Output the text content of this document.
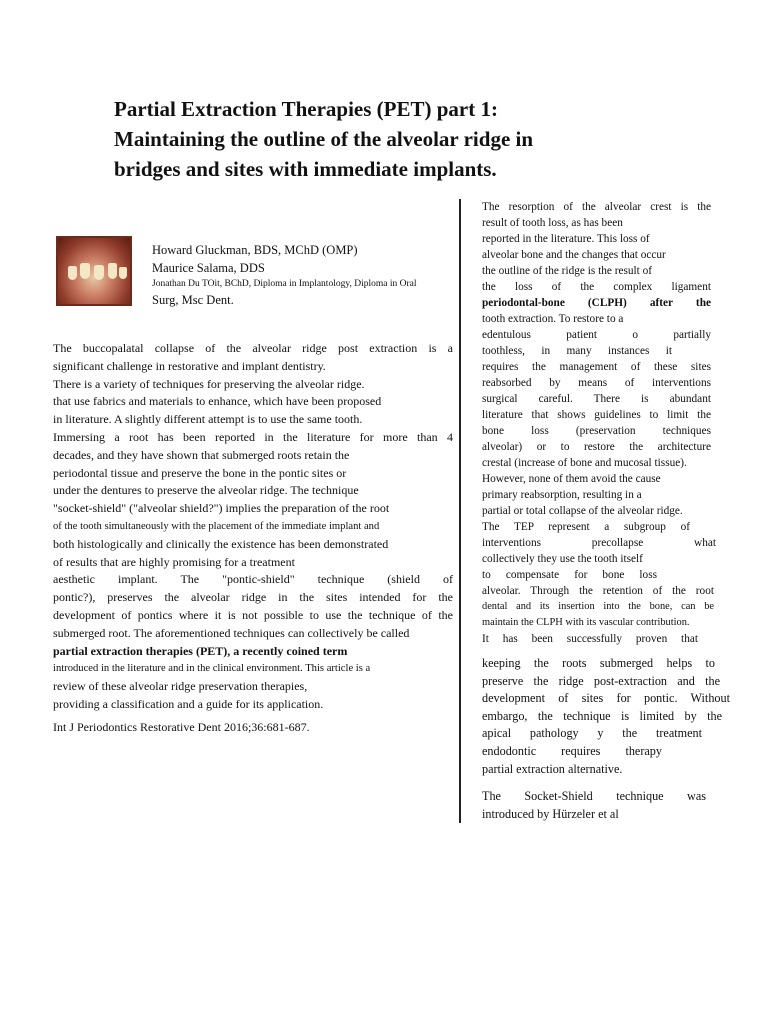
Partial Extraction Therapies (PET) part 1:
Maintaining the outline of the alveolar ridge in
bridges and sites with immediate implants.
Howard Gluckman, BDS, MChD (OMP)
Maurice Salama, DDS
Jonathan Du TOit, BChD, Diploma in Implantology, Diploma in Oral
Surg, Msc Dent.
The buccopalatal collapse of the alveolar ridge post extraction is a
significant challenge in restorative and implant dentistry.
There is a variety of techniques for preserving the alveolar ridge.
that use fabrics and materials to enhance, which have been proposed
in literature. A slightly different attempt is to use the same tooth.
Immersing a root has been reported in the literature for more than 4
decades, and they have shown that submerged roots retain the
periodontal tissue and preserve the bone in the pontic sites or
under the dentures to preserve the alveolar ridge. The technique
"socket-shield" ("alveolar shield?") implies the preparation of the root
of the tooth simultaneously with the placement of the immediate implant and
both histologically and clinically the existence has been demonstrated
of results that are highly promising for a treatment
aesthetic implant. The "pontic-shield" technique (shield of
pontic?), preserves the alveolar ridge in the sites intended for the
development of pontics where it is not possible to use the technique of the
submerged root. The aforementioned techniques can collectively be called
partial extraction therapies (PET), a recently coined term
introduced in the literature and in the clinical environment. This article is a
review of these alveolar ridge preservation therapies,
providing a classification and a guide for its application.
Int J Periodontics Restorative Dent 2016;36:681-687.
The resorption of the alveolar crest is the
result of tooth loss, as has been
reported in the literature. This loss of
alveolar bone and the changes that occur
the outline of the ridge is the result of
the loss of the complex ligament
periodontal-bone (CLPH) after the
tooth extraction. To restore to a
edentulous patient o partially
toothless, in many instances it
requires the management of these sites
reabsorbed by means of interventions
surgical careful. There is abundant
literature that shows guidelines to limit the
bone loss (preservation techniques
alveolar) or to restore the architecture
crestal (increase of bone and mucosal tissue).
However, none of them avoid the cause
primary reabsorption, resulting in a
partial or total collapse of the alveolar ridge.
The TEP represent a subgroup of
interventions precollapse what
collectively they use the tooth itself
to compensate for bone loss
alveolar. Through the retention of the root
dental and its insertion into the bone, can be
maintain the CLPH with its vascular contribution.
It has been successfully proven that
keeping the roots submerged helps to
preserve the ridge post-extraction and the
development of sites for pontic. Without
embargo, the technique is limited by the
apical pathology y the treatment
endodontic requires therapy
partial extraction alternative.
The Socket-Shield technique was
introduced by Hürzeler et al
